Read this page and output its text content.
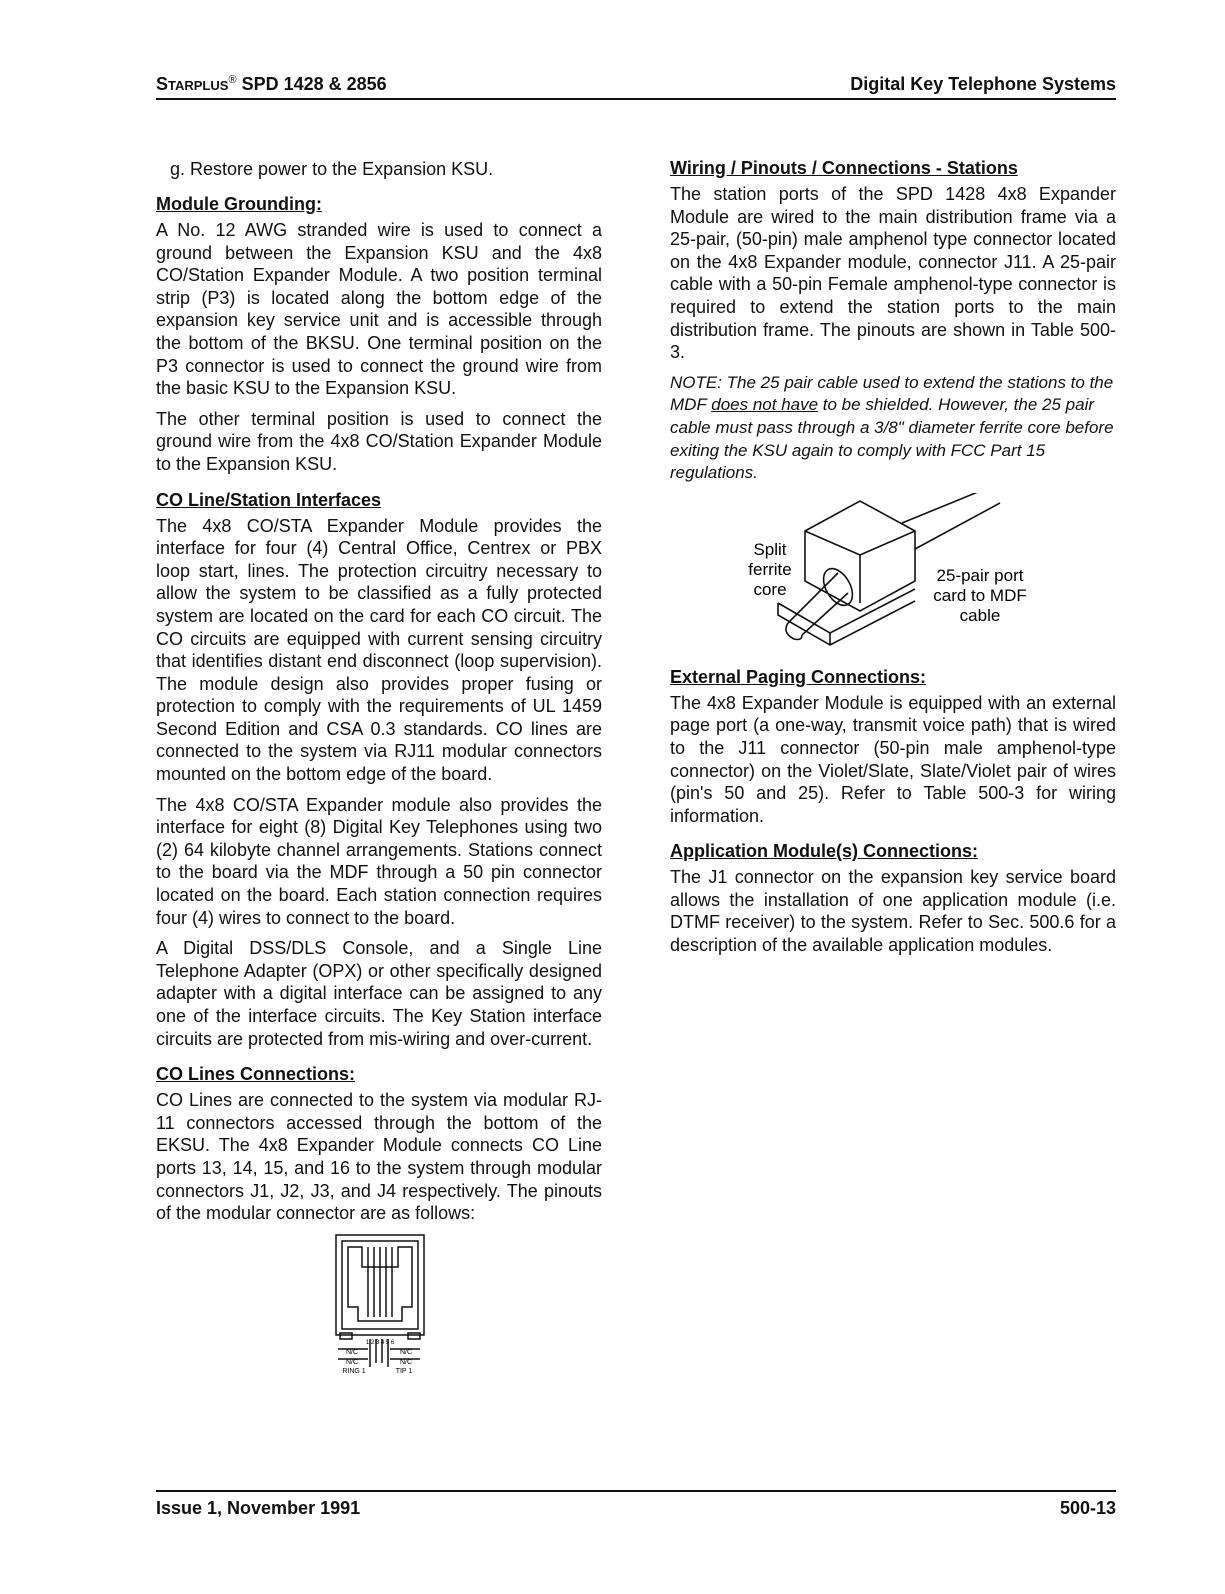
Starplus® SPD 1428 & 2856	Digital Key Telephone Systems
g. Restore power to the Expansion KSU.
Module Grounding:

A No. 12 AWG stranded wire is used to connect a ground between the Expansion KSU and the 4x8 CO/Station Expander Module. A two position terminal strip (P3) is located along the bottom edge of the expansion key service unit and is accessible through the bottom of the BKSU. One terminal position on the P3 connector is used to connect the ground wire from the basic KSU to the Expansion KSU.

The other terminal position is used to connect the ground wire from the 4x8 CO/Station Expander Module to the Expansion KSU.

CO Line/Station Interfaces

The 4x8 CO/STA Expander Module provides the interface for four (4) Central Office, Centrex or PBX loop start, lines. The protection circuitry necessary to allow the system to be classified as a fully protected system are located on the card for each CO circuit. The CO circuits are equipped with current sensing circuitry that identifies distant end disconnect (loop supervision). The module design also provides proper fusing or protection to comply with the requirements of UL 1459 Second Edition and CSA 0.3 standards. CO lines are connected to the system via RJ11 modular connectors mounted on the bottom edge of the board.

The 4x8 CO/STA Expander module also provides the interface for eight (8) Digital Key Telephones using two (2) 64 kilobyte channel arrangements. Stations connect to the board via the MDF through a 50 pin connector located on the board. Each station connection requires four (4) wires to connect to the board.

A Digital DSS/DLS Console, and a Single Line Telephone Adapter (OPX) or other specifically designed adapter with a digital interface can be assigned to any one of the interface circuits. The Key Station interface circuits are protected from mis-wiring and over-current.

CO Lines Connections:

CO Lines are connected to the system via modular RJ-11 connectors accessed through the bottom of the EKSU. The 4x8 Expander Module connects CO Line ports 13, 14, 15, and 16 to the system through modular connectors J1, J2, J3, and J4 respectively. The pinouts of the modular connector are as follows:

1 2 3 4 5 6
N/C
N/C
N/C
N/C
RING 1	TIP 1
Wiring / Pinouts / Connections - Stations

The station ports of the SPD 1428 4x8 Expander Module are wired to the main distribution frame via a 25-pair, (50-pin) male amphenol type connector located on the 4x8 Expander module, connector J11. A 25-pair cable with a 50-pin Female amphenol-type connector is required to extend the station ports to the main distribution frame. The pinouts are shown in Table 500-3.

NOTE: The 25 pair cable used to extend the stations to the MDF does not have to be shielded. However, the 25 pair cable must pass through a 3/8" diameter ferrite core before exiting the KSU again to comply with FCC Part 15 regulations.

Split
ferrite
core
25-pair port
card to MDF
cable
External Paging Connections:

The 4x8 Expander Module is equipped with an external page port (a one-way, transmit voice path) that is wired to the J11 connector (50-pin male amphenol-type connector) on the Violet/Slate, Slate/Violet pair of wires (pin's 50 and 25). Refer to Table 500-3 for wiring information.

Application Module(s) Connections:

The J1 connector on the expansion key service board allows the installation of one application module (i.e. DTMF receiver) to the system. Refer to Sec. 500.6 for a description of the available application modules.

Issue 1, November 1991	500-13
